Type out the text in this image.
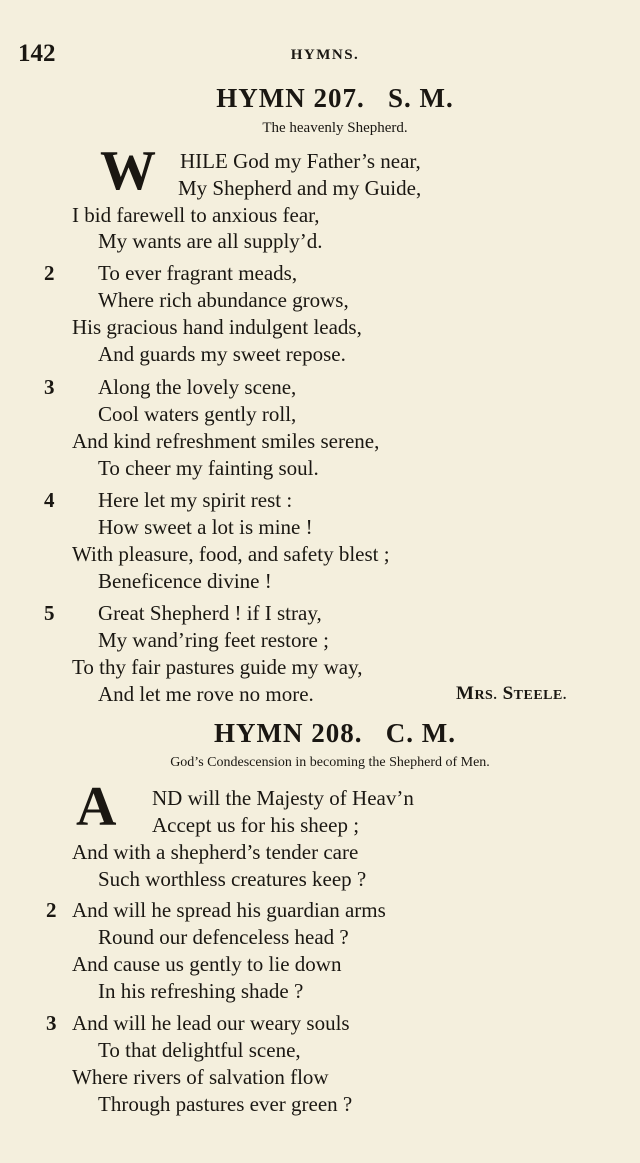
142	HYMNS.
HYMN 207.   S. M.
The heavenly Shepherd.
W HILE God my Father’s near,
My Shepherd and my Guide,
I bid farewell to anxious fear,
My wants are all supply’d.
2 To ever fragrant meads,
Where rich abundance grows,
His gracious hand indulgent leads,
And guards my sweet repose.
3 Along the lovely scene,
Cool waters gently roll,
And kind refreshment smiles serene,
To cheer my fainting soul.
4 Here let my spirit rest :
How sweet a lot is mine !
With pleasure, food, and safety blest ;
Beneficence divine !
5 Great Shepherd ! if I stray,
My wand’ring feet restore ;
To thy fair pastures guide my way,
And let me rove no more.	MRS. STEELE.
HYMN 208.   C. M.
God’s Condescension in becoming the Shepherd of Men.
A ND will the Majesty of Heav’n
Accept us for his sheep ;
And with a shepherd’s tender care
Such worthless creatures keep ?
2 And will he spread his guardian arms
Round our defenceless head ?
And cause us gently to lie down
In his refreshing shade ?
3 And will he lead our weary souls
To that delightful scene,
Where rivers of salvation flow
Through pastures ever green ?
